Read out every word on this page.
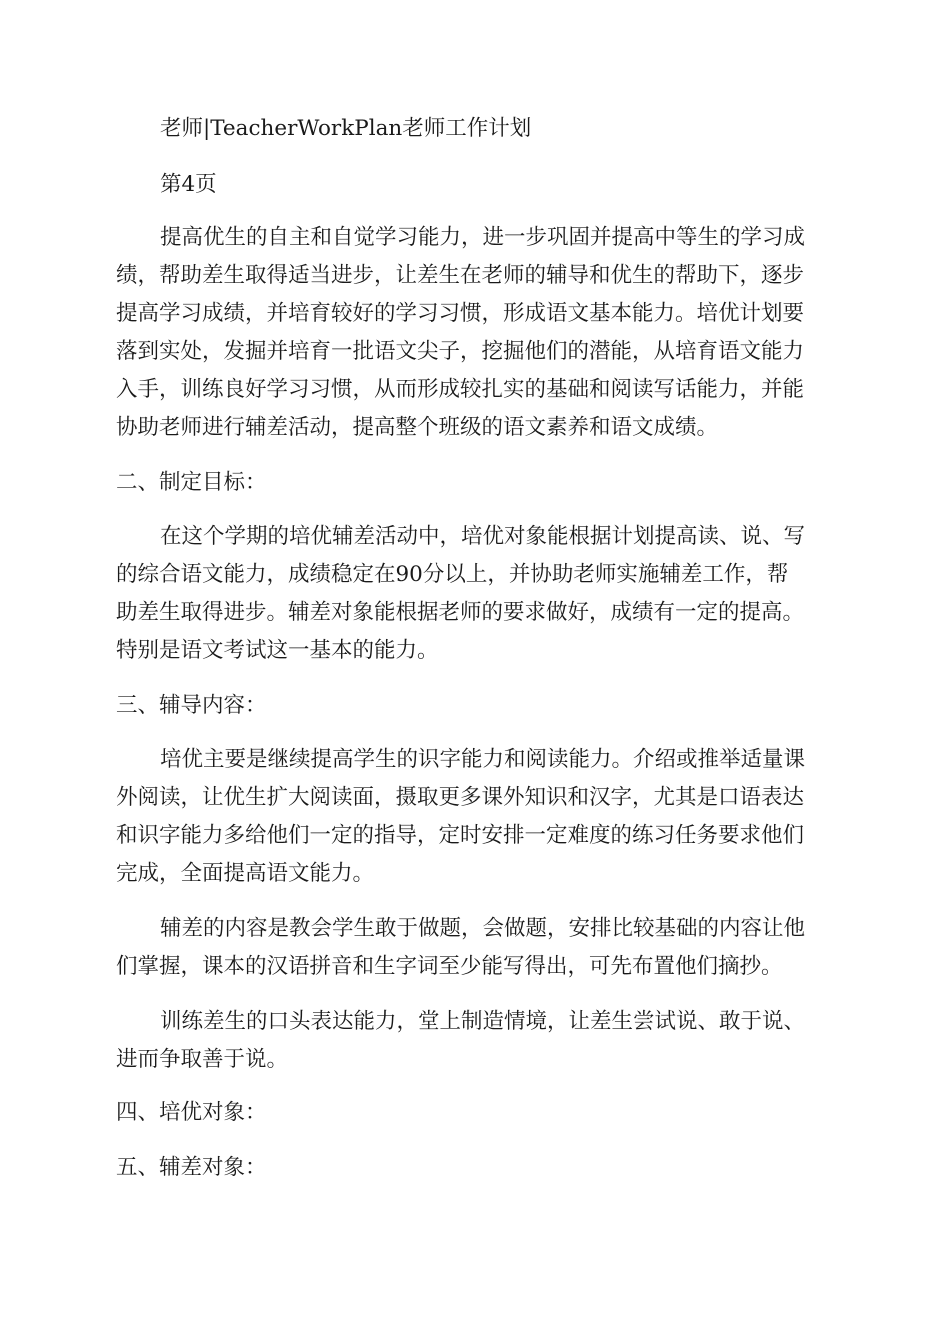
老师|TeacherWorkPlan老师工作计划

第4页

提高优生的自主和自觉学习能力，进一步巩固并提高中等生的学习成

绩，帮助差生取得适当进步，让差生在老师的辅导和优生的帮助下，逐步

提高学习成绩，并培育较好的学习习惯，形成语文基本能力。培优计划要

落到实处，发掘并培育一批语文尖子，挖掘他们的潜能，从培育语文能力

入手，训练良好学习习惯，从而形成较扎实的基础和阅读写话能力，并能

协助老师进行辅差活动，提高整个班级的语文素养和语文成绩。

二、制定目标：

在这个学期的培优辅差活动中，培优对象能根据计划提高读、说、写

的综合语文能力，成绩稳定在90分以上，并协助老师实施辅差工作，帮

助差生取得进步。辅差对象能根据老师的要求做好，成绩有一定的提高。

特别是语文考试这一基本的能力。

三、辅导内容：

培优主要是继续提高学生的识字能力和阅读能力。介绍或推举适量课

外阅读，让优生扩大阅读面，摄取更多课外知识和汉字，尤其是口语表达

和识字能力多给他们一定的指导，定时安排一定难度的练习任务要求他们

完成，全面提高语文能力。

辅差的内容是教会学生敢于做题，会做题，安排比较基础的内容让他

们掌握，课本的汉语拼音和生字词至少能写得出，可先布置他们摘抄。

训练差生的口头表达能力，堂上制造情境，让差生尝试说、敢于说、

进而争取善于说。

四、培优对象：

五、辅差对象：
